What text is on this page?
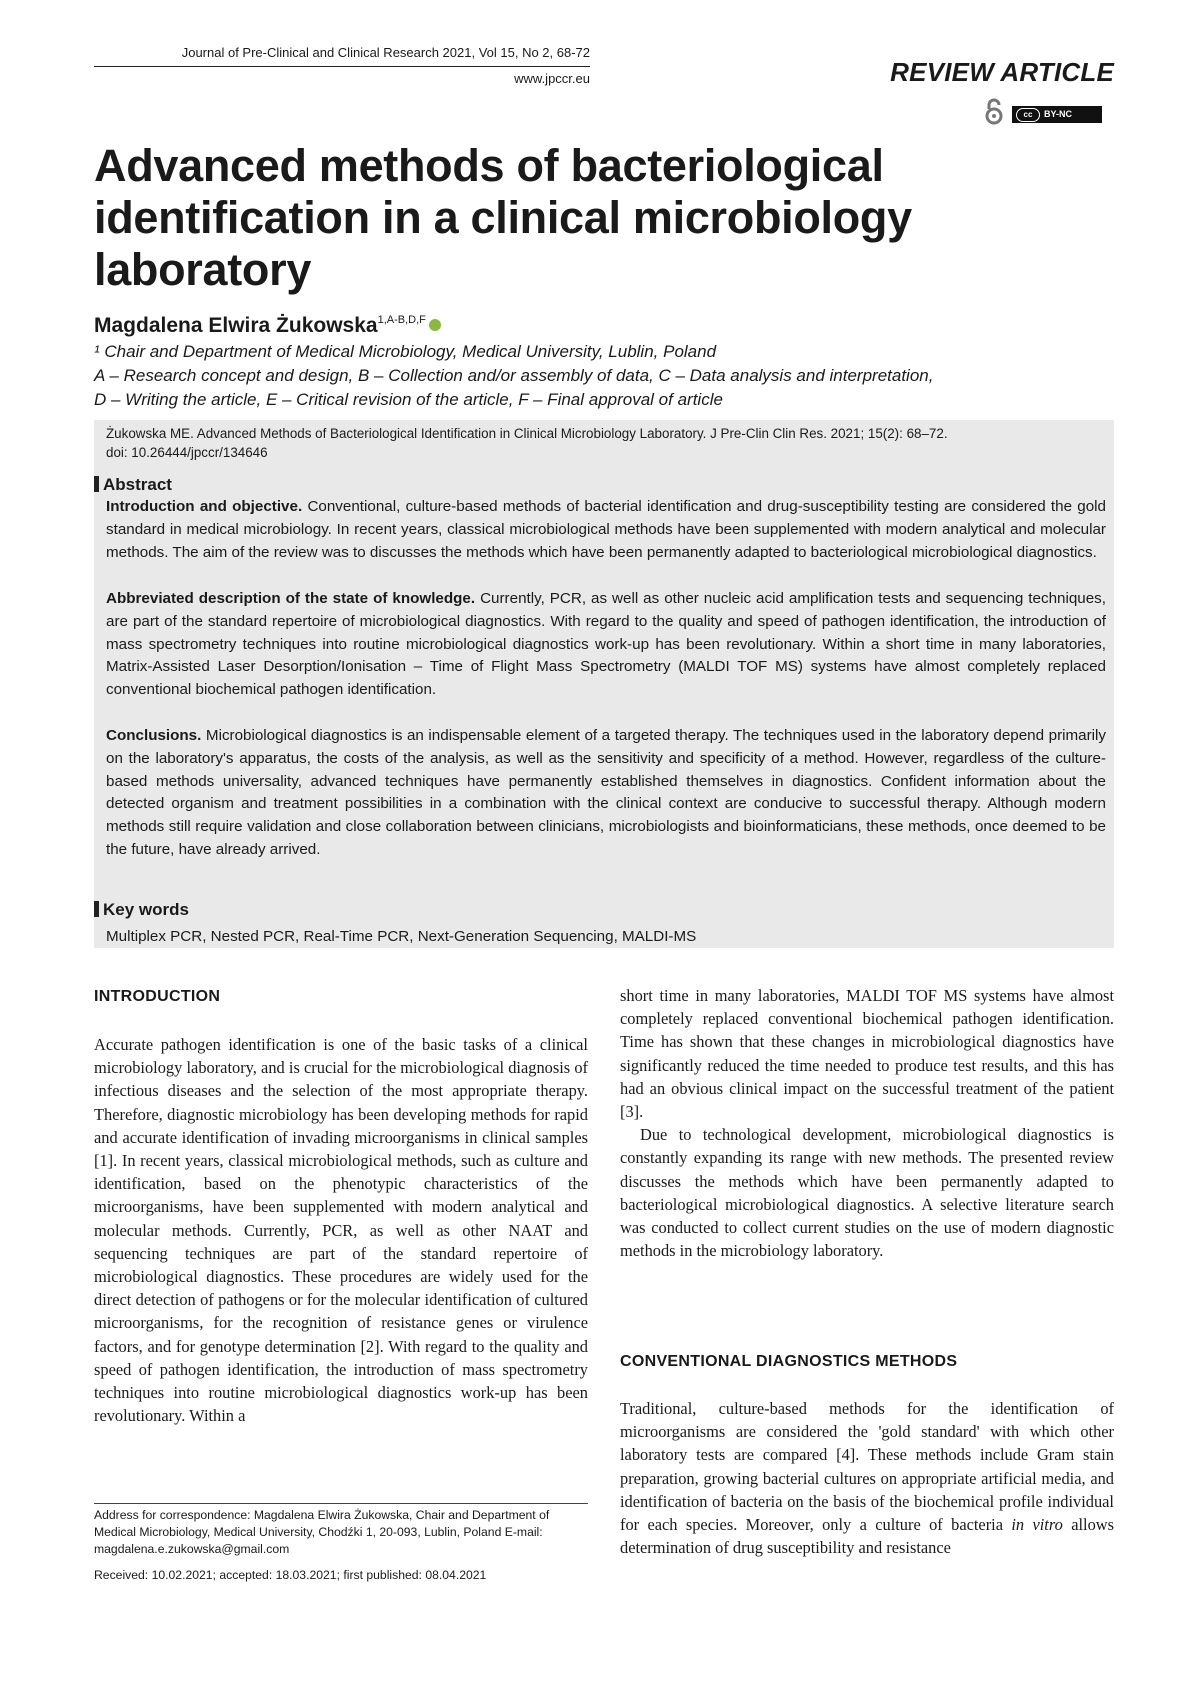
Journal of Pre-Clinical and Clinical Research 2021, Vol 15, No 2, 68-72
www.jpccr.eu	REVIEW ARTICLE
cc	BY-NC
Advanced methods of bacteriological identification in a clinical microbiology laboratory
Magdalena Elwira Żukowska$^{1,A-B,D,F}$
¹ Chair and Department of Medical Microbiology, Medical University, Lublin, Poland
A – Research concept and design, B – Collection and/or assembly of data, C – Data analysis and interpretation,
D – Writing the article, E – Critical revision of the article, F – Final approval of article
Żukowska ME. Advanced Methods of Bacteriological Identification in Clinical Microbiology Laboratory. J Pre-Clin Clin Res. 2021; 15(2): 68–72.
doi: 10.26444/jpccr/134646
Abstract
Introduction and objective. Conventional, culture-based methods of bacterial identification and drug-susceptibility testing are considered the gold standard in medical microbiology. In recent years, classical microbiological methods have been supplemented with modern analytical and molecular methods. The aim of the review was to discusses the methods which have been permanently adapted to bacteriological microbiological diagnostics.
Abbreviated description of the state of knowledge. Currently, PCR, as well as other nucleic acid amplification tests and sequencing techniques, are part of the standard repertoire of microbiological diagnostics. With regard to the quality and speed of pathogen identification, the introduction of mass spectrometry techniques into routine microbiological diagnostics work-up has been revolutionary. Within a short time in many laboratories, Matrix-Assisted Laser Desorption/Ionisation – Time of Flight Mass Spectrometry (MALDI TOF MS) systems have almost completely replaced conventional biochemical pathogen identification.
Conclusions. Microbiological diagnostics is an indispensable element of a targeted therapy. The techniques used in the laboratory depend primarily on the laboratory's apparatus, the costs of the analysis, as well as the sensitivity and specificity of a method. However, regardless of the culture-based methods universality, advanced techniques have permanently established themselves in diagnostics. Confident information about the detected organism and treatment possibilities in a combination with the clinical context are conducive to successful therapy. Although modern methods still require validation and close collaboration between clinicians, microbiologists and bioinformaticians, these methods, once deemed to be the future, have already arrived.
Key words
Multiplex PCR, Nested PCR, Real-Time PCR, Next-Generation Sequencing, MALDI-MS
INTRODUCTION

Accurate pathogen identification is one of the basic tasks of a clinical microbiology laboratory, and is crucial for the microbiological diagnosis of infectious diseases and the selection of the most appropriate therapy. Therefore, diagnostic microbiology has been developing methods for rapid and accurate identification of invading microorganisms in clinical samples [1]. In recent years, classical microbiological methods, such as culture and identification, based on the phenotypic characteristics of the microorganisms, have been supplemented with modern analytical and molecular methods. Currently, PCR, as well as other NAAT and sequencing techniques are part of the standard repertoire of microbiological diagnostics. These procedures are widely used for the direct detection of pathogens or for the molecular identification of cultured microorganisms, for the recognition of resistance genes or virulence factors, and for genotype determination [2]. With regard to the quality and speed of pathogen identification, the introduction of mass spectrometry techniques into routine microbiological diagnostics work-up has been revolutionary. Within a

short time in many laboratories, MALDI TOF MS systems have almost completely replaced conventional biochemical pathogen identification. Time has shown that these changes in microbiological diagnostics have significantly reduced the time needed to produce test results, and this has had an obvious clinical impact on the successful treatment of the patient [3].

Due to technological development, microbiological diagnostics is constantly expanding its range with new methods. The presented review discusses the methods which have been permanently adapted to bacteriological microbiological diagnostics. A selective literature search was conducted to collect current studies on the use of modern diagnostic methods in the microbiology laboratory.

CONVENTIONAL DIAGNOSTICS METHODS

Traditional, culture-based methods for the identification of microorganisms are considered the 'gold standard' with which other laboratory tests are compared [4]. These methods include Gram stain preparation, growing bacterial cultures on appropriate artificial media, and identification of bacteria on the basis of the biochemical profile individual for each species. Moreover, only a culture of bacteria in vitro allows determination of drug susceptibility and resistance

Address for correspondence: Magdalena Elwira Żukowska, Chair and Department of Medical Microbiology, Medical University, Chodźki 1, 20-093, Lublin, Poland E-mail: magdalena.e.zukowska@gmail.com
Received: 10.02.2021; accepted: 18.03.2021; first published: 08.04.2021
